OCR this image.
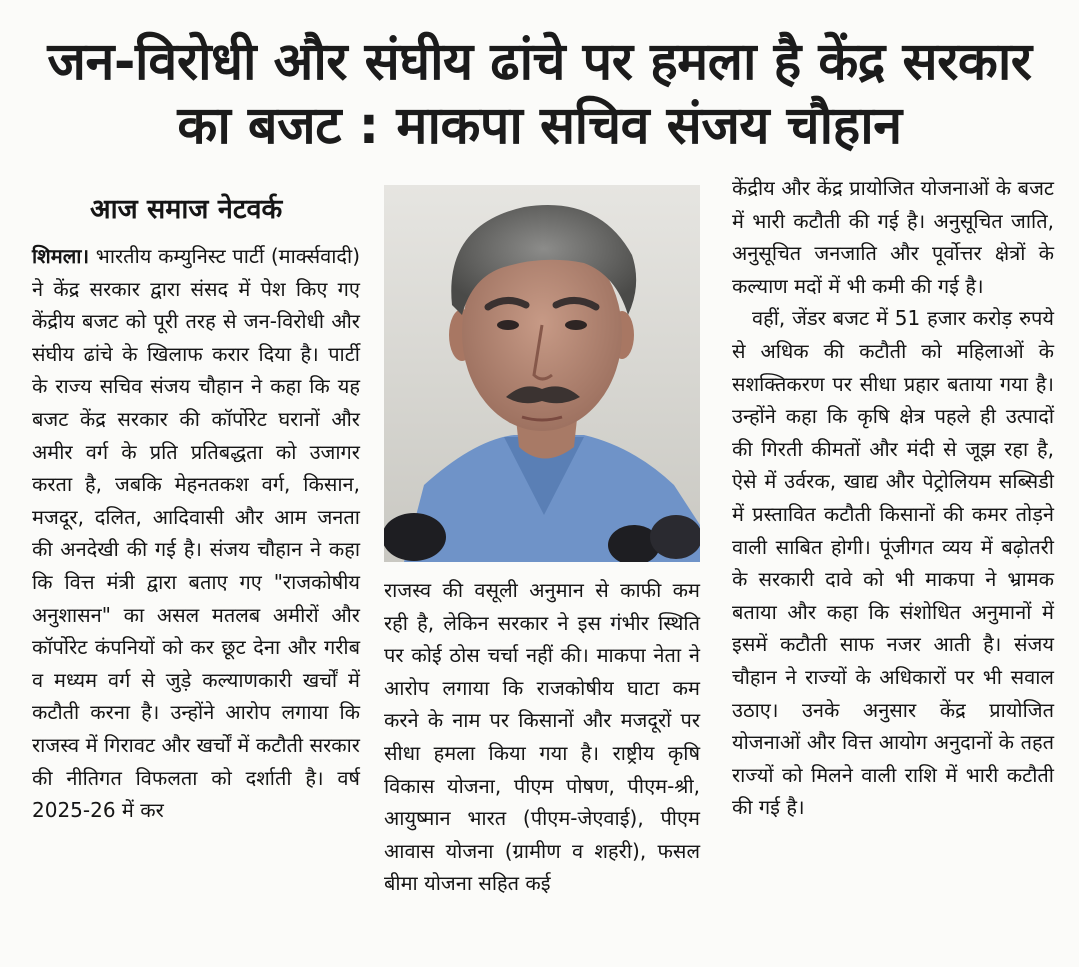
जन-विरोधी और संघीय ढांचे पर हमला है केंद्र सरकार
का बजट : माकपा सचिव संजय चौहान
आज समाज नेटवर्क

शिमला। भारतीय कम्युनिस्ट पार्टी (मार्क्सवादी) ने केंद्र सरकार द्वारा संसद में पेश किए गए केंद्रीय बजट को पूरी तरह से जन-विरोधी और संघीय ढांचे के खिलाफ करार दिया है। पार्टी के राज्य सचिव संजय चौहान ने कहा कि यह बजट केंद्र सरकार की कॉर्पोरेट घरानों और अमीर वर्ग के प्रति प्रतिबद्धता को उजागर करता है, जबकि मेहनतकश वर्ग, किसान, मजदूर, दलित, आदिवासी और आम जनता की अनदेखी की गई है। संजय चौहान ने कहा कि वित्त मंत्री द्वारा बताए गए "राजकोषीय अनुशासन" का असल मतलब अमीरों और कॉर्पोरेट कंपनियों को कर छूट देना और गरीब व मध्यम वर्ग से जुड़े कल्याणकारी खर्चों में कटौती करना है। उन्होंने आरोप लगाया कि राजस्व में गिरावट और खर्चों में कटौती सरकार की नीतिगत विफलता को दर्शाती है। वर्ष 2025-26 में कर

राजस्व की वसूली अनुमान से काफी कम रही है, लेकिन सरकार ने इस गंभीर स्थिति पर कोई ठोस चर्चा नहीं की। माकपा नेता ने आरोप लगाया कि राजकोषीय घाटा कम करने के नाम पर किसानों और मजदूरों पर सीधा हमला किया गया है। राष्ट्रीय कृषि विकास योजना, पीएम पोषण, पीएम-श्री, आयुष्मान भारत (पीएम-जेएवाई), पीएम आवास योजना (ग्रामीण व शहरी), फसल बीमा योजना सहित कई

केंद्रीय और केंद्र प्रायोजित योजनाओं के बजट में भारी कटौती की गई है। अनुसूचित जाति, अनुसूचित जनजाति और पूर्वोत्तर क्षेत्रों के कल्याण मदों में भी कमी की गई है।

वहीं, जेंडर बजट में 51 हजार करोड़ रुपये से अधिक की कटौती को महिलाओं के सशक्तिकरण पर सीधा प्रहार बताया गया है। उन्होंने कहा कि कृषि क्षेत्र पहले ही उत्पादों की गिरती कीमतों और मंदी से जूझ रहा है, ऐसे में उर्वरक, खाद्य और पेट्रोलियम सब्सिडी में प्रस्तावित कटौती किसानों की कमर तोड़ने वाली साबित होगी। पूंजीगत व्यय में बढ़ोतरी के सरकारी दावे को भी माकपा ने भ्रामक बताया और कहा कि संशोधित अनुमानों में इसमें कटौती साफ नजर आती है। संजय चौहान ने राज्यों के अधिकारों पर भी सवाल उठाए। उनके अनुसार केंद्र प्रायोजित योजनाओं और वित्त आयोग अनुदानों के तहत राज्यों को मिलने वाली राशि में भारी कटौती की गई है।
